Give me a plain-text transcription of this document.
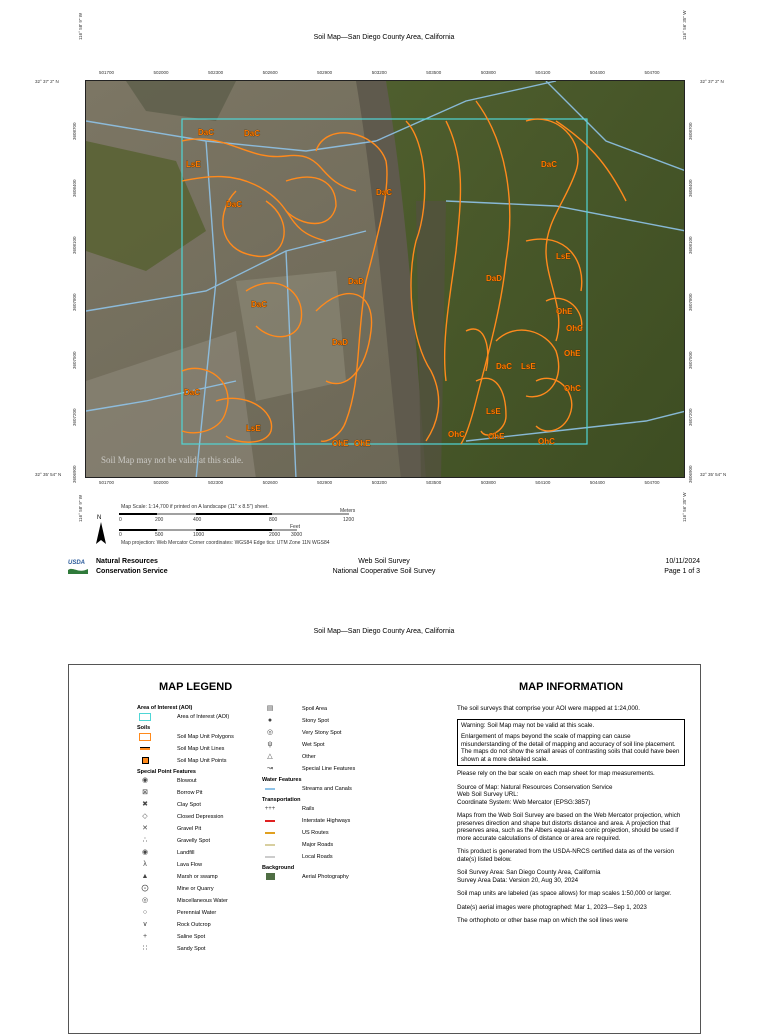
Soil Map—San Diego County Area, California
116° 58' 9" W	116° 56' 35" W
32° 37' 2" N	32° 37' 2" N
32° 35' 54" N	32° 35' 54" N
116° 58' 9" W	116° 56' 35" W
501700	502000	502300	502600	502900	503200	503500	503800	504100	504400	504700
501700	502000	502300	502600	502900	503200	503500	503800	504100	504400	504700
3608700
3608400
3608100
3607800
3607500
3607200
3606900
3608700
3608400
3608100
3607800
3607500
3607200
3606900
DaC
LsE
DaC
DaC
DaC
DaD
DaC
DaD
DaC
LsE
OhE OhE
OhC
DaD
DaC
LsE
DaC
LsE
OhE
OhC
LsE
OhE
OhC
OhE
OhC
Soil Map may not be valid at this scale.
Map Scale: 1:14,700 if printed on A landscape (11" x 8.5") sheet.
N	0	200	400	800	1200
Meters
Feet
0	500	1000	2000 3000
Map projection: Web Mercator Corner coordinates: WGS84 Edge tics: UTM Zone 11N WGS84
USDA Natural Resources
Conservation Service
Web Soil Survey
National Cooperative Soil Survey
10/11/2024
Page 1 of 3
Soil Map—San Diego County Area, California
MAP LEGEND	MAP INFORMATION
Area of Interest (AOI)
Area of Interest (AOI)
Soils
Soil Map Unit Polygons
Soil Map Unit Lines
Soil Map Unit Points
Special Point Features
◉	Blowout
⊠	Borrow Pit
✖	Clay Spot
◇	Closed Depression
✕	Gravel Pit
∴	Gravelly Spot
◉	Landfill
λ	Lava Flow
▲	Marsh or swamp
⨀	Mine or Quarry
◎	Miscellaneous Water
○	Perennial Water
∨	Rock Outcrop
+	Saline Spot
∷	Sandy Spot
▤	Spoil Area
●	Stony Spot
◎	Very Stony Spot
ψ	Wet Spot
△	Other
↝	Special Line Features
Water Features
Streams and Canals
Transportation
+++	Rails
Interstate Highways
US Routes
Major Roads
Local Roads
Background
Aerial Photography

The soil surveys that comprise your AOI were mapped at 1:24,000.

Warning: Soil Map may not be valid at this scale.

Enlargement of maps beyond the scale of mapping can cause misunderstanding of the detail of mapping and accuracy of soil line placement. The maps do not show the small areas of contrasting soils that could have been shown at a more detailed scale.

Please rely on the bar scale on each map sheet for map measurements.

Source of Map: Natural Resources Conservation Service

Web Soil Survey URL:

Coordinate System: Web Mercator (EPSG:3857)

Maps from the Web Soil Survey are based on the Web Mercator projection, which preserves direction and shape but distorts distance and area. A projection that preserves area, such as the Albers equal-area conic projection, should be used if more accurate calculations of distance or area are required.

This product is generated from the USDA-NRCS certified data as of the version date(s) listed below.

Soil Survey Area: San Diego County Area, California

Survey Area Data: Version 20, Aug 30, 2024

Soil map units are labeled (as space allows) for map scales 1:50,000 or larger.

Date(s) aerial images were photographed: Mar 1, 2023—Sep 1, 2023

The orthophoto or other base map on which the soil lines were
